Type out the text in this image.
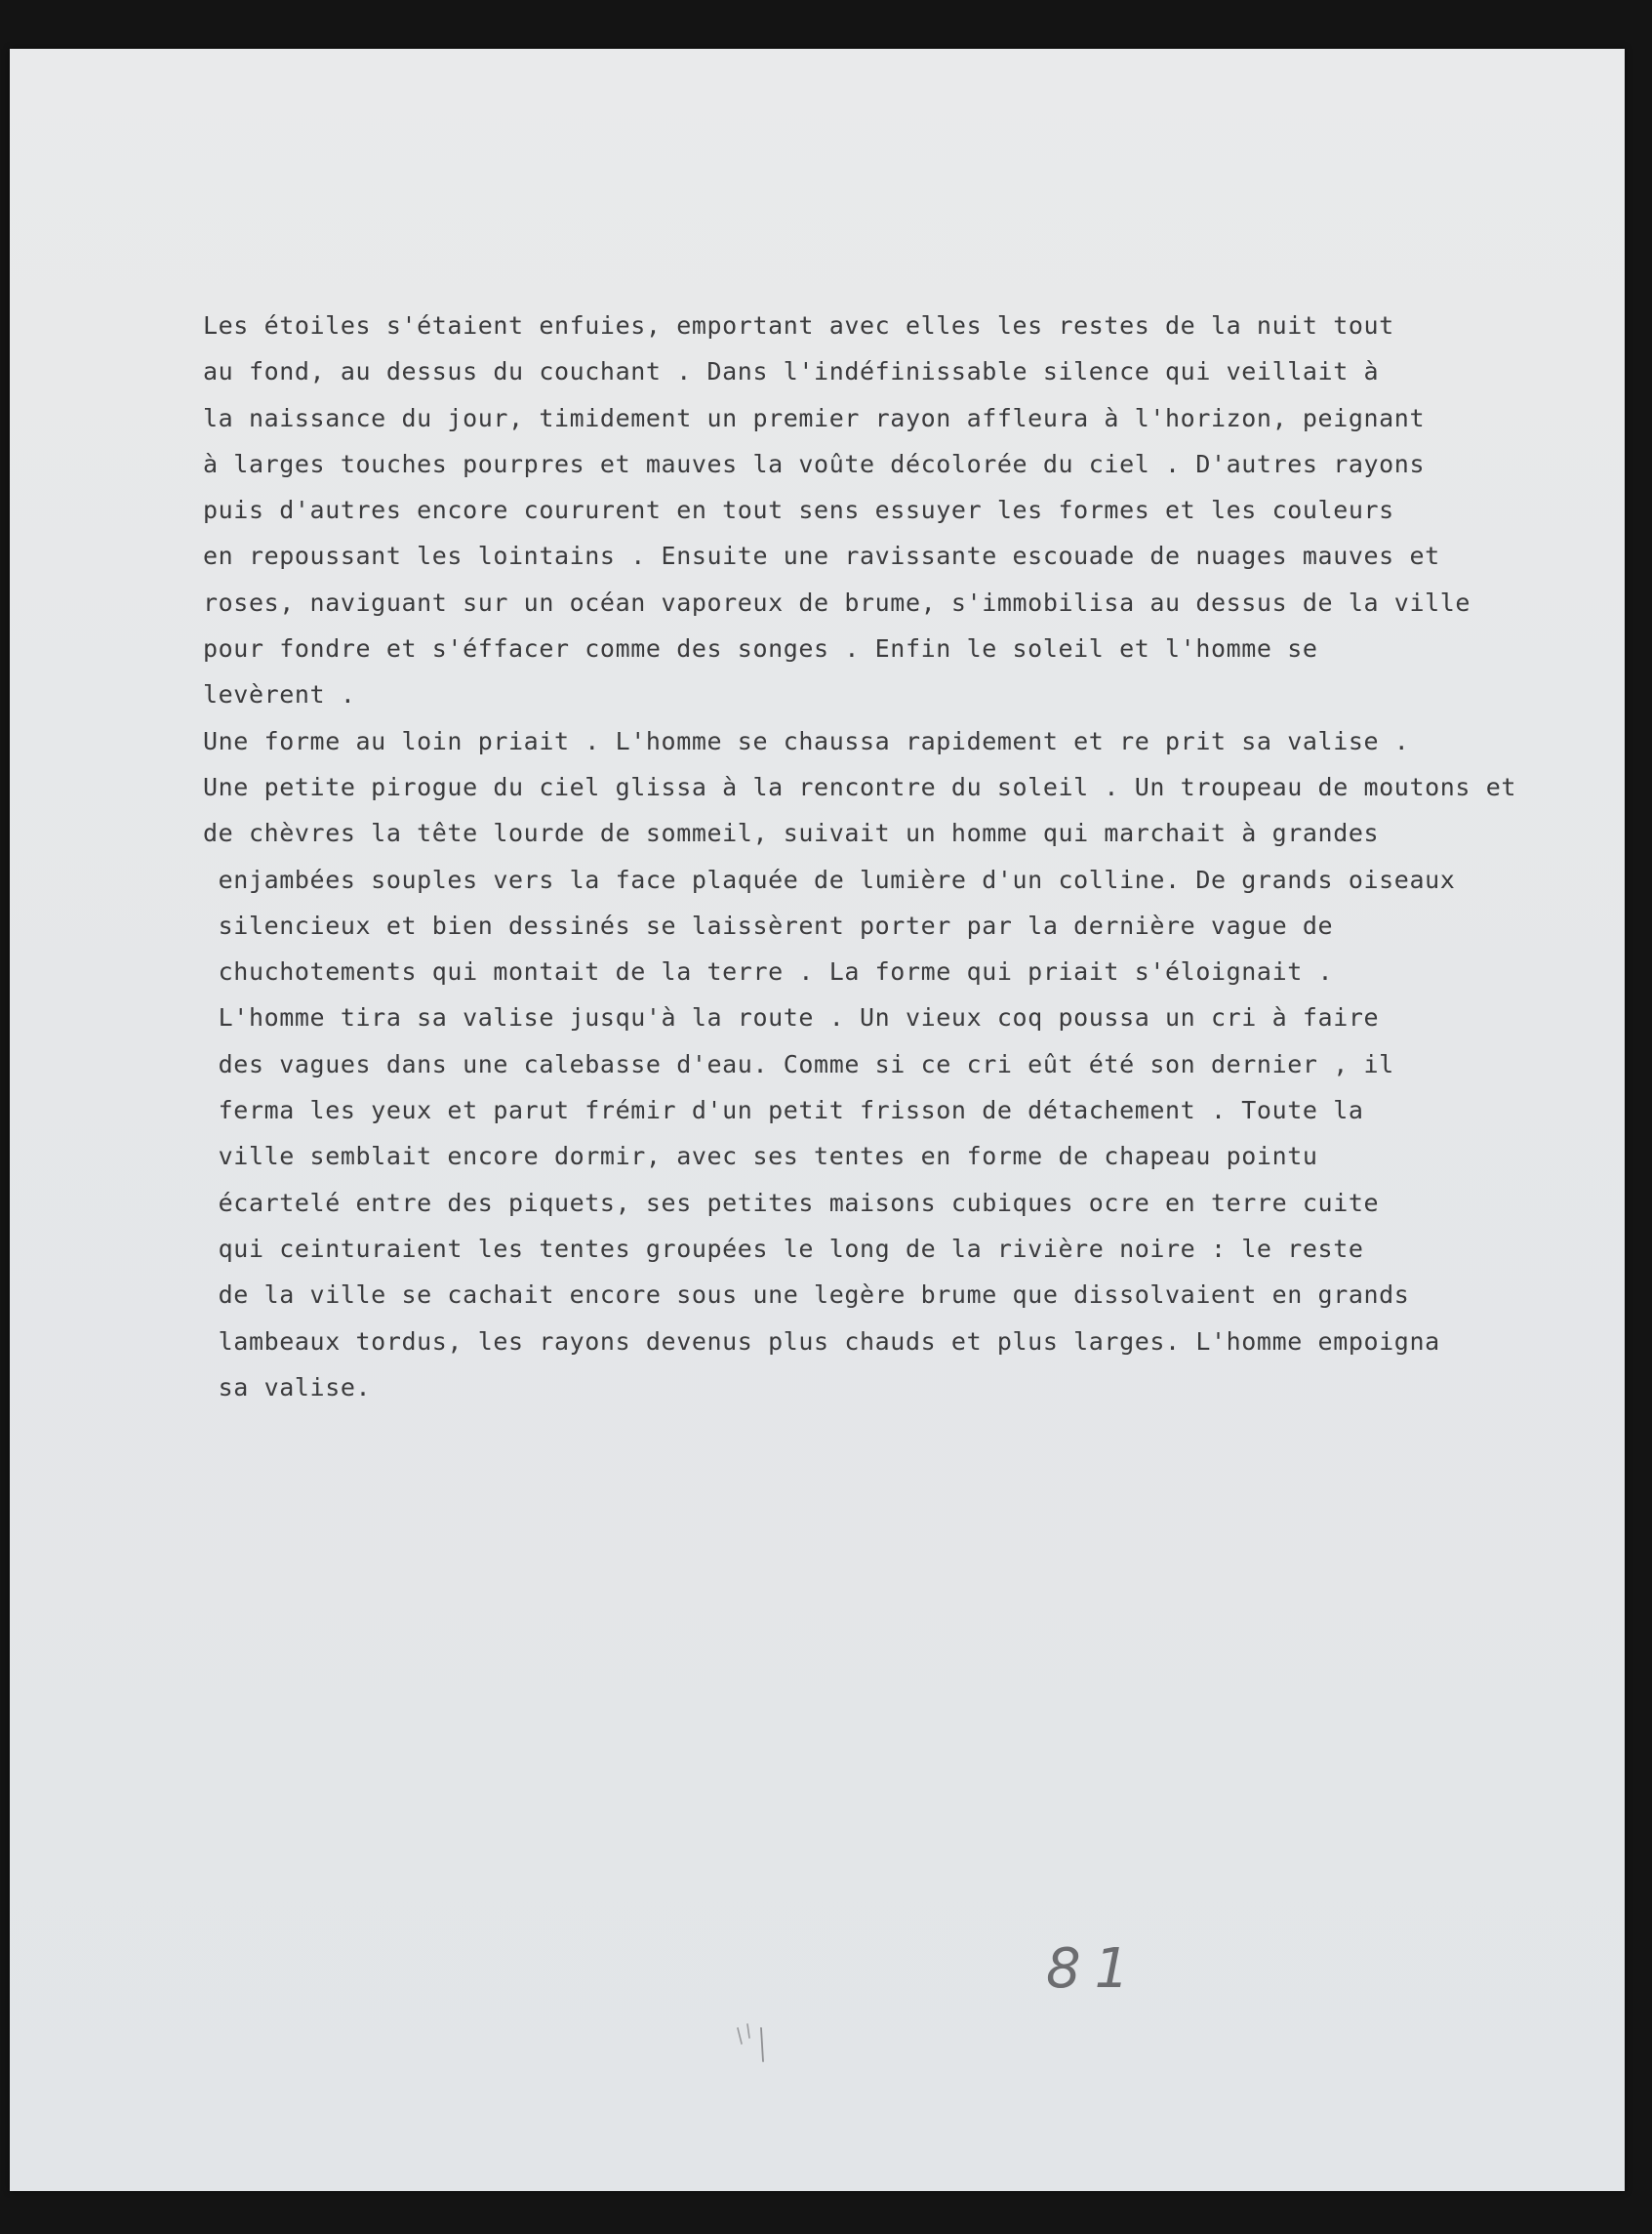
Les étoiles s'étaient enfuies, emportant avec elles les restes de la nuit tout
au fond, au dessus du couchant . Dans l'indéfinissable silence qui veillait à
la naissance du jour, timidement un premier rayon affleura à l'horizon, peignant
à larges touches pourpres et mauves la voûte décolorée du ciel . D'autres rayons
puis d'autres encore coururent en tout sens essuyer les formes et les couleurs
en repoussant les lointains . Ensuite une ravissante escouade de nuages mauves et
roses, naviguant sur un océan vaporeux de brume, s'immobilisa au dessus de la ville
pour fondre et s'éffacer comme des songes . Enfin le soleil et l'homme se
levèrent .
Une forme au loin priait . L'homme se chaussa rapidement et re prit sa valise .
Une petite pirogue du ciel glissa à la rencontre du soleil . Un troupeau de moutons et
de chèvres la tête lourde de sommeil, suivait un homme qui marchait à grandes
enjambées souples vers la face plaquée de lumière d'un colline. De grands oiseaux
silencieux et bien dessinés se laissèrent porter par la dernière vague de
chuchotements qui montait de la terre . La forme qui priait s'éloignait .
L'homme tira sa valise jusqu'à la route . Un vieux coq poussa un cri à faire
des vagues dans une calebasse d'eau. Comme si ce cri eût été son dernier , il
ferma les yeux et parut frémir d'un petit frisson de détachement . Toute la
ville semblait encore dormir, avec ses tentes en forme de chapeau pointu
écartelé entre des piquets, ses petites maisons cubiques ocre en terre cuite
qui ceinturaient les tentes groupées le long de la rivière noire : le reste
de la ville se cachait encore sous une legère brume que dissolvaient en grands
lambeaux tordus, les rayons devenus plus chauds et plus larges. L'homme empoigna
sa valise.
81
